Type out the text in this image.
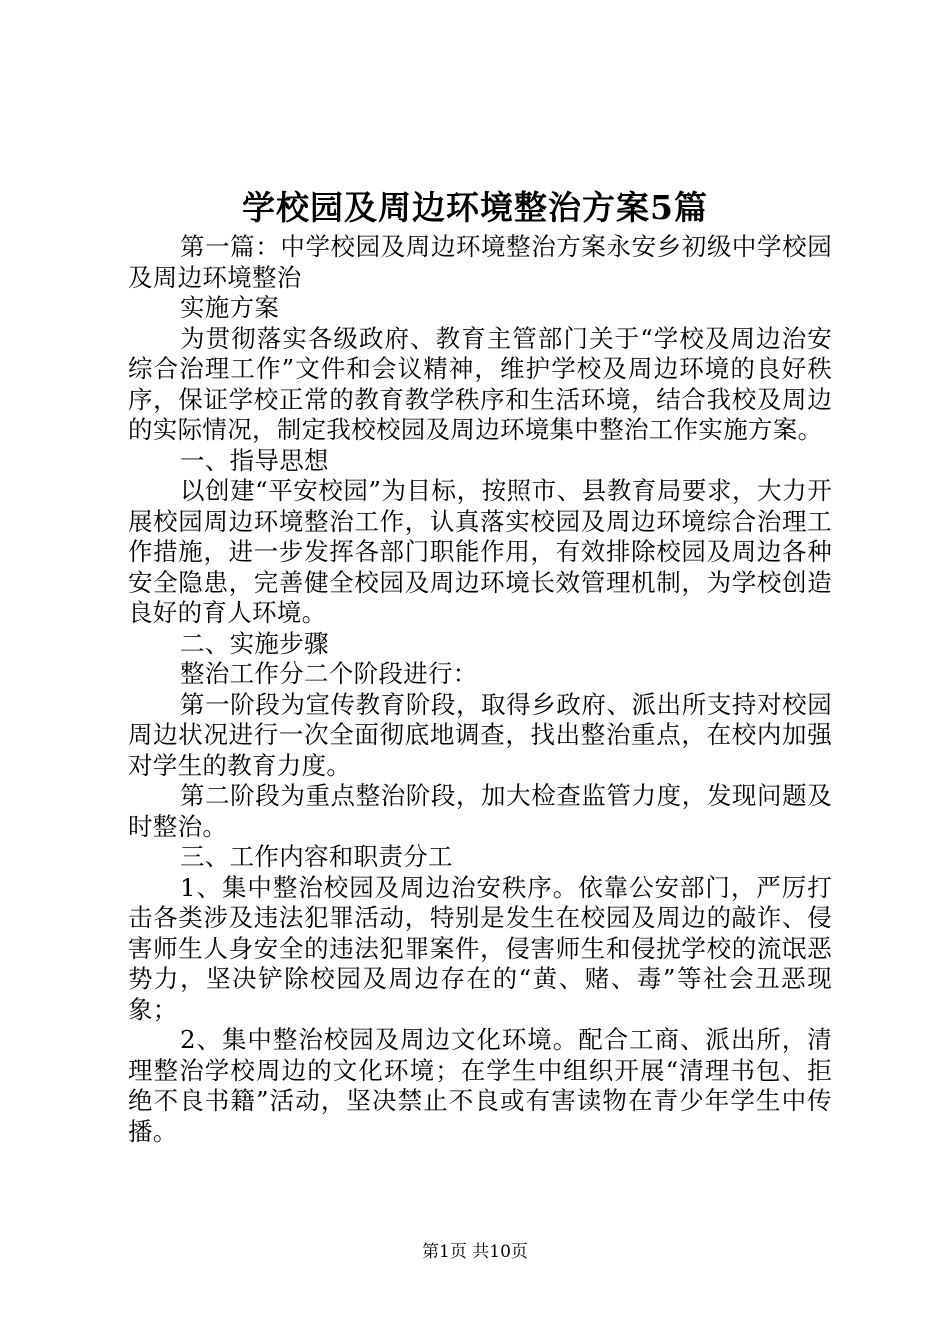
学校园及周边环境整治方案5篇

第一篇：中学校园及周边环境整治方案永安乡初级中学校园及周边环境整治

实施方案

为贯彻落实各级政府、教育主管部门关于“学校及周边治安综合治理工作”文件和会议精神，维护学校及周边环境的良好秩序，保证学校正常的教育教学秩序和生活环境，结合我校及周边的实际情况，制定我校校园及周边环境集中整治工作实施方案。

一、指导思想

以创建“平安校园”为目标，按照市、县教育局要求，大力开展校园周边环境整治工作，认真落实校园及周边环境综合治理工作措施，进一步发挥各部门职能作用，有效排除校园及周边各种安全隐患，完善健全校园及周边环境长效管理机制，为学校创造良好的育人环境。

二、实施步骤

整治工作分二个阶段进行：

第一阶段为宣传教育阶段，取得乡政府、派出所支持对校园周边状况进行一次全面彻底地调查，找出整治重点，在校内加强对学生的教育力度。

第二阶段为重点整治阶段，加大检查监管力度，发现问题及时整治。

三、工作内容和职责分工

1、集中整治校园及周边治安秩序。依靠公安部门，严厉打击各类涉及违法犯罪活动，特别是发生在校园及周边的敲诈、侵害师生人身安全的违法犯罪案件，侵害师生和侵扰学校的流氓恶势力，坚决铲除校园及周边存在的“黄、赌、毒”等社会丑恶现象；

2、集中整治校园及周边文化环境。配合工商、派出所，清理整治学校周边的文化环境；在学生中组织开展“清理书包、拒绝不良书籍”活动，坚决禁止不良或有害读物在青少年学生中传播。

第1页 共10页
